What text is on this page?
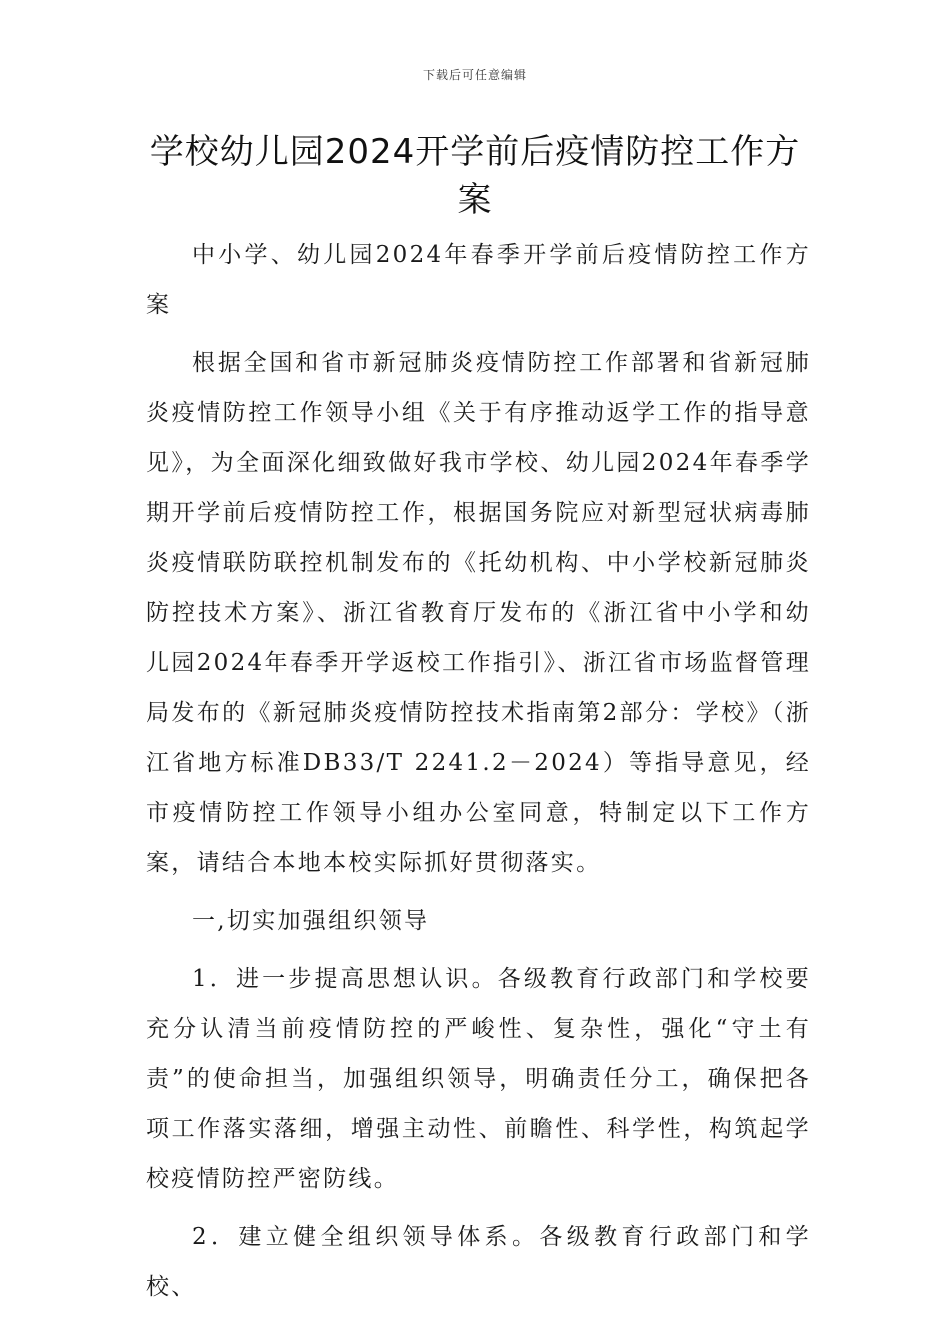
下载后可任意编辑
学校幼儿园2024开学前后疫情防控工作方案

中小学、幼儿园2024年春季开学前后疫情防控工作方案

根据全国和省市新冠肺炎疫情防控工作部署和省新冠肺炎疫情防控工作领导小组《关于有序推动返学工作的指导意见》，为全面深化细致做好我市学校、幼儿园2024年春季学期开学前后疫情防控工作，根据国务院应对新型冠状病毒肺炎疫情联防联控机制发布的《托幼机构、中小学校新冠肺炎防控技术方案》、浙江省教育厅发布的《浙江省中小学和幼儿园2024年春季开学返校工作指引》、浙江省市场监督管理局发布的《新冠肺炎疫情防控技术指南第2部分：学校》（浙江省地方标准DB33/T 2241.2－2024）等指导意见，经市疫情防控工作领导小组办公室同意，特制定以下工作方案，请结合本地本校实际抓好贯彻落实。

一,切实加强组织领导

1．进一步提高思想认识。各级教育行政部门和学校要充分认清当前疫情防控的严峻性、复杂性，强化“守土有责”的使命担当，加强组织领导，明确责任分工，确保把各项工作落实落细，增强主动性、前瞻性、科学性，构筑起学校疫情防控严密防线。

2．建立健全组织领导体系。各级教育行政部门和学校、
